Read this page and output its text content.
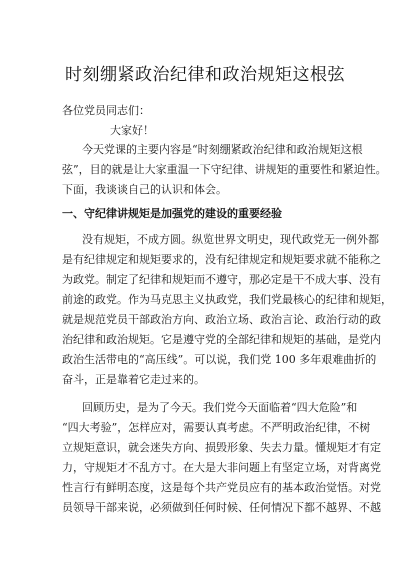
时刻绷紧政治纪律和政治规矩这根弦
各位党员同志们：
大家好！
今天党课的主要内容是“时刻绷紧政治纪律和政治规矩这根
弦”，目的就是让大家重温一下守纪律、讲规矩的重要性和紧迫性。
下面，我谈谈自己的认识和体会。
一、守纪律讲规矩是加强党的建设的重要经验
没有规矩，不成方圆。纵览世界文明史，现代政党无一例外都
是有纪律规定和规矩要求的，没有纪律规定和规矩要求就不能称之
为政党。制定了纪律和规矩而不遵守，那必定是干不成大事、没有
前途的政党。作为马克思主义执政党，我们党最核心的纪律和规矩，
就是规范党员干部政治方向、政治立场、政治言论、政治行动的政
治纪律和政治规矩。它是遵守党的全部纪律和规矩的基础，是党内
政治生活带电的“高压线”。可以说，我们党 100 多年艰难曲折的
奋斗，正是靠着它走过来的。
回顾历史，是为了今天。我们党今天面临着“四大危险”和
“四大考验”，怎样应对，需要认真考虑。不严明政治纪律，不树
立规矩意识，就会迷失方向、损毁形象、失去力量。懂规矩才有定
力，守规矩才不乱方寸。在大是大非问题上有坚定立场，对背离党
性言行有鲜明态度，这是每个共产党员应有的基本政治觉悟。对党
员领导干部来说，必须做到任何时候、任何情况下都不越界、不越
